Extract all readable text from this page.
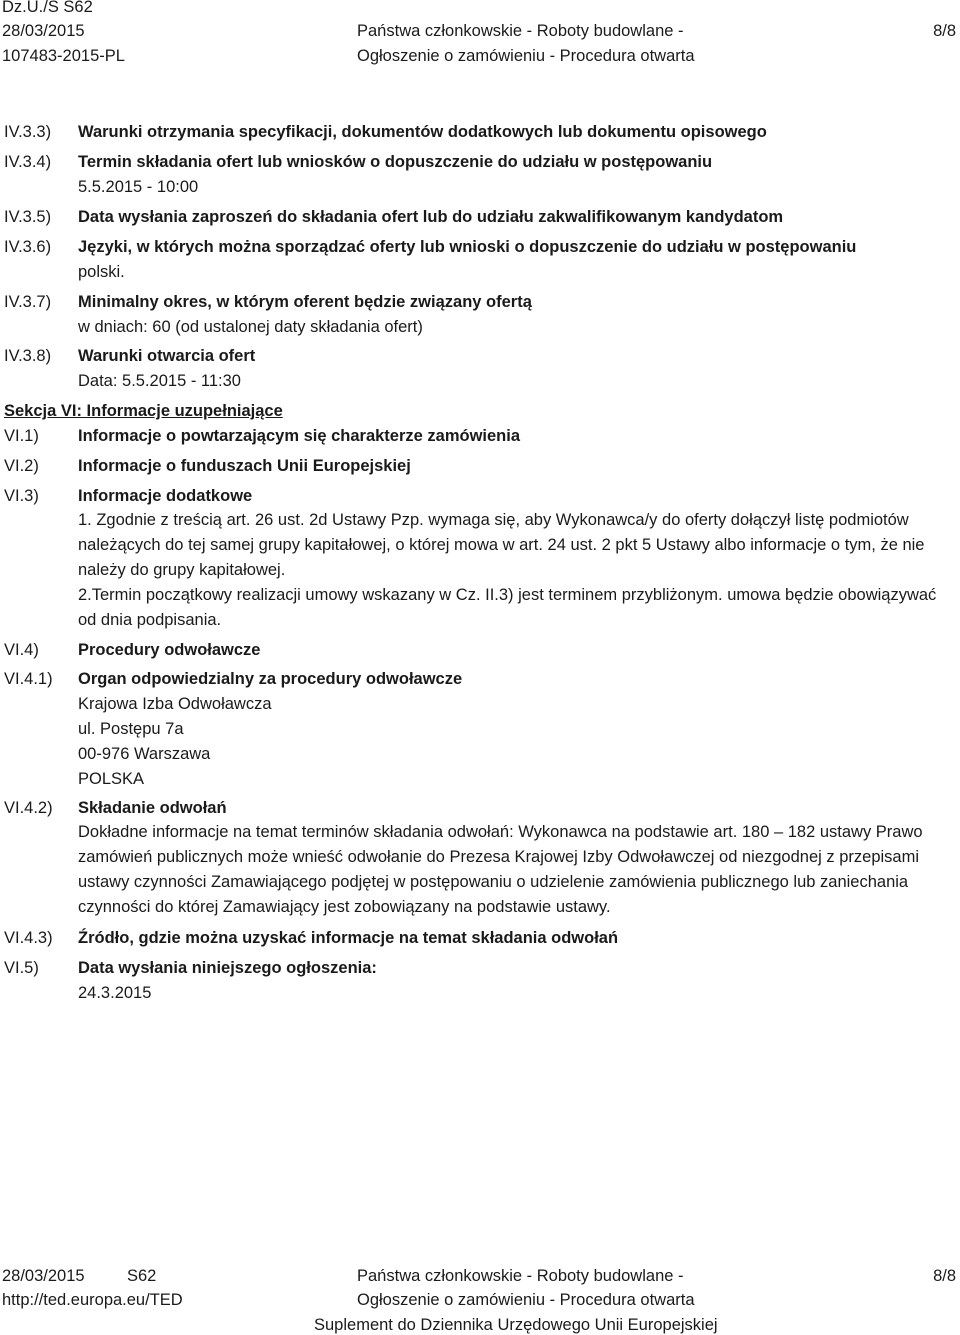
Dz.U./S S62
28/03/2015
107483-2015-PL
Państwa członkowskie - Roboty budowlane -
Ogłoszenie o zamówieniu - Procedura otwarta
8/8
IV.3.3) Warunki otrzymania specyfikacji, dokumentów dodatkowych lub dokumentu opisowego
IV.3.4) Termin składania ofert lub wniosków o dopuszczenie do udziału w postępowaniu
5.5.2015 - 10:00
IV.3.5) Data wysłania zaproszeń do składania ofert lub do udziału zakwalifikowanym kandydatom
IV.3.6) Języki, w których można sporządzać oferty lub wnioski o dopuszczenie do udziału w postępowaniu
polski.
IV.3.7) Minimalny okres, w którym oferent będzie związany ofertą
w dniach: 60 (od ustalonej daty składania ofert)
IV.3.8) Warunki otwarcia ofert
Data: 5.5.2015 - 11:30
Sekcja VI: Informacje uzupełniające
VI.1) Informacje o powtarzającym się charakterze zamówienia
VI.2) Informacje o funduszach Unii Europejskiej
VI.3) Informacje dodatkowe
1. Zgodnie z treścią art. 26 ust. 2d Ustawy Pzp. wymaga się, aby Wykonawca/y do oferty dołączył listę podmiotów należących do tej samej grupy kapitałowej, o której mowa w art. 24 ust. 2 pkt 5 Ustawy albo informacje o tym, że nie należy do grupy kapitałowej.
2.Termin początkowy realizacji umowy wskazany w Cz. II.3) jest terminem przybliżonym. umowa będzie obowiązywać od dnia podpisania.
VI.4) Procedury odwoławcze
VI.4.1) Organ odpowiedzialny za procedury odwoławcze
Krajowa Izba Odwoławcza
ul. Postępu 7a
00-976 Warszawa
POLSKA
VI.4.2) Składanie odwołań
Dokładne informacje na temat terminów składania odwołań: Wykonawca na podstawie art. 180 – 182 ustawy Prawo zamówień publicznych może wnieść odwołanie do Prezesa Krajowej Izby Odwoławczej od niezgodnej z przepisami ustawy czynności Zamawiającego podjętej w postępowaniu o udzielenie zamówienia publicznego lub zaniechania czynności do której Zamawiający jest zobowiązany na podstawie ustawy.
VI.4.3) Źródło, gdzie można uzyskać informacje na temat składania odwołań
VI.5) Data wysłania niniejszego ogłoszenia:
24.3.2015
28/03/2015	S62
http://ted.europa.eu/TED
Państwa członkowskie - Roboty budowlane -
Ogłoszenie o zamówieniu - Procedura otwarta
Suplement do Dziennika Urzędowego Unii Europejskiej
8/8
